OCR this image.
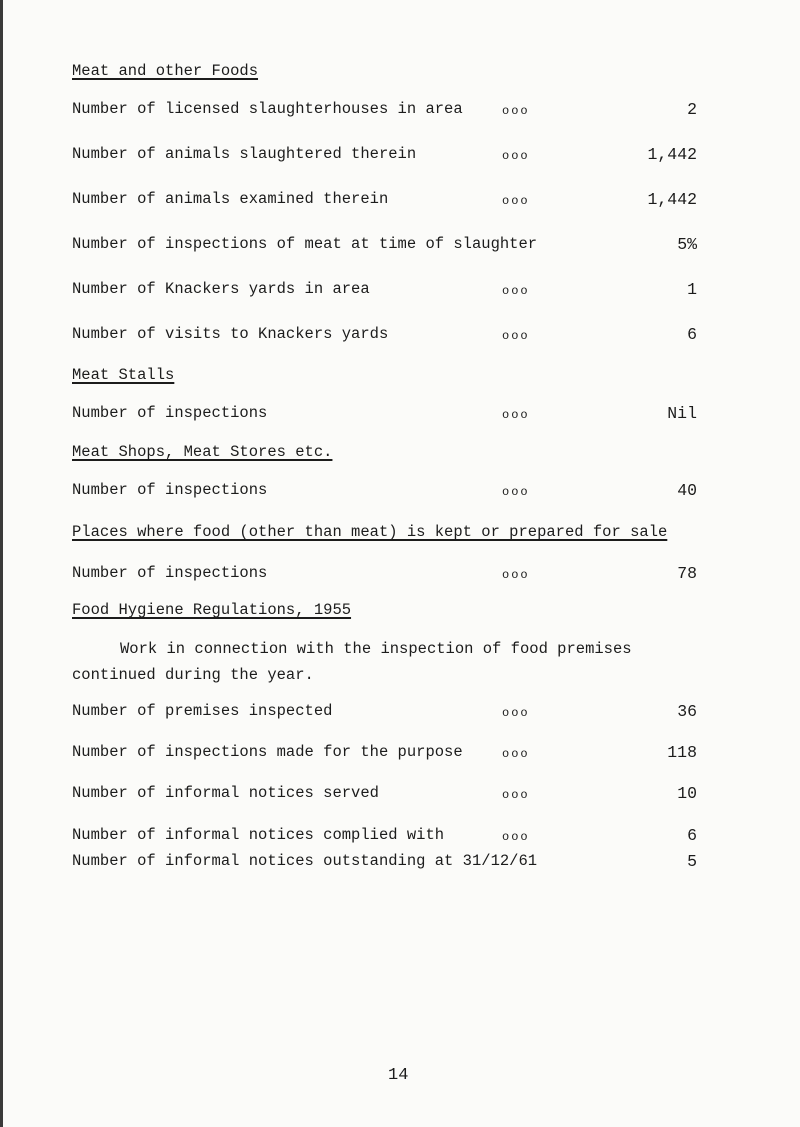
Meat and other Foods
Number of licensed slaughterhouses in area	ooo	2
Number of animals slaughtered therein	ooo	1,442
Number of animals examined therein	ooo	1,442
Number of inspections of meat at time of slaughter	5%
Number of Knackers yards in area	ooo	1
Number of visits to Knackers yards	ooo	6
Meat Stalls
Number of inspections	ooo	Nil
Meat Shops, Meat Stores etc.
Number of inspections	ooo	40
Places where food (other than meat) is kept or prepared for sale
Number of inspections	ooo	78
Food Hygiene Regulations, 1955
Work in connection with the inspection of food premises continued during the year.
Number of premises inspected	ooo	36
Number of inspections made for the purpose	ooo	118
Number of informal notices served	ooo	10
Number of informal notices complied with	ooo	6
Number of informal notices outstanding at 31/12/61	5
14
